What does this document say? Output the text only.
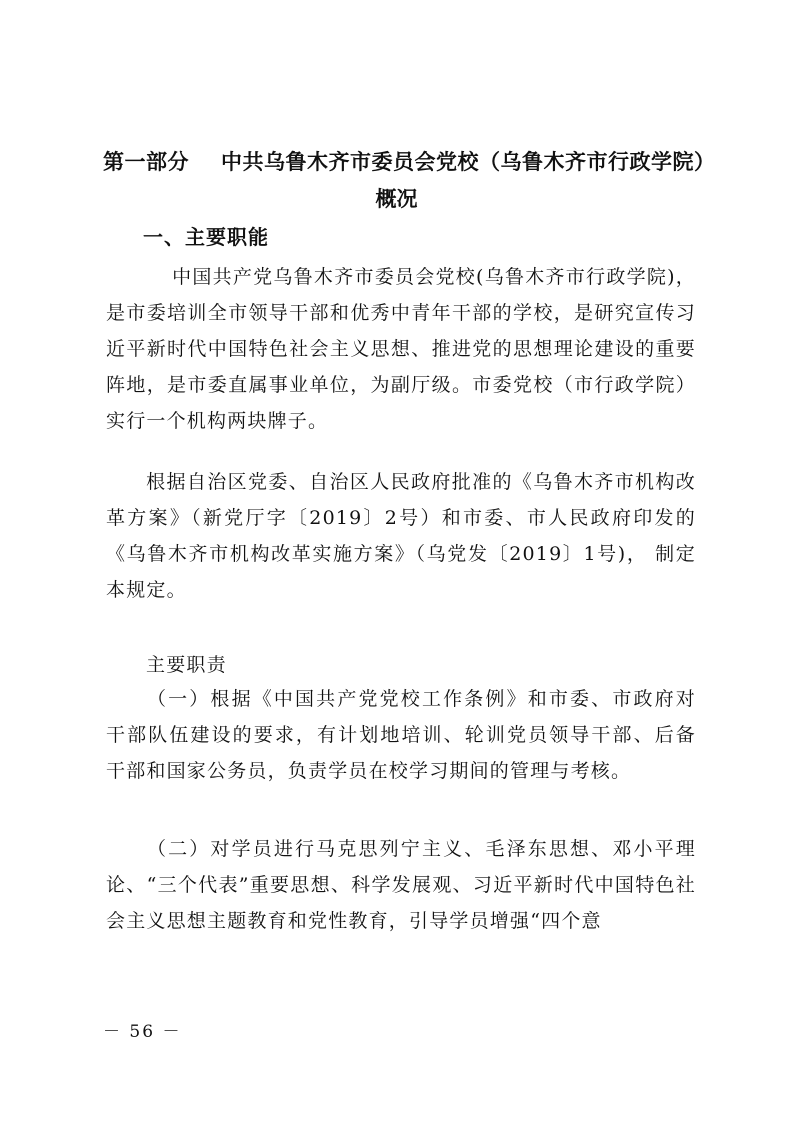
第一部分 中共乌鲁木齐市委员会党校（乌鲁木齐市行政学院）
概况
一、主要职能

中国共产党乌鲁木齐市委员会党校(乌鲁木齐市行政学院)， 是市委培训全市领导干部和优秀中青年干部的学校，是研究宣传习近平新时代中国特色社会主义思想、推进党的思想理论建设的重要阵地，是市委直属事业单位，为副厅级。市委党校（市行政学院）实行一个机构两块牌子。

根据自治区党委、自治区人民政府批准的《乌鲁木齐市机构改革方案》（新党厅字〔2019〕2号）和市委、市人民政府印发的《乌鲁木齐市机构改革实施方案》（乌党发〔2019〕1号)， 制定本规定。

主要职责

（一）根据《中国共产党党校工作条例》和市委、市政府对 干部队伍建设的要求，有计划地培训、轮训党员领导干部、后备 干部和国家公务员，负责学员在校学习期间的管理与考核。

（二）对学员进行马克思列宁主义、毛泽东思想、邓小平理 论、“三个代表”重要思想、科学发展观、习近平新时代中国特色社会主义思想主题教育和党性教育，引导学员增强“四个意

－ 56 －
